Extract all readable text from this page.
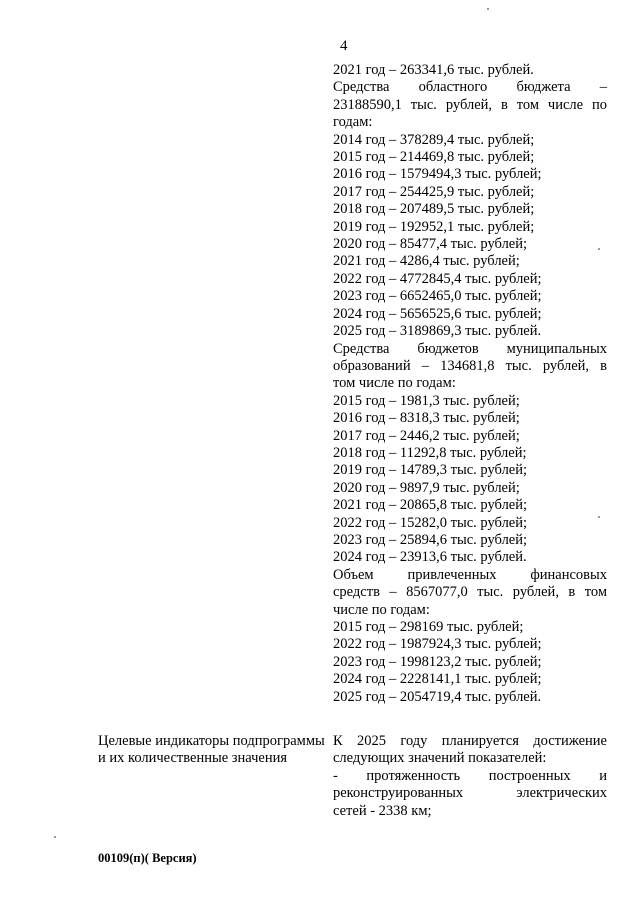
4
2021 год – 263341,6 тыс. рублей.
Средства областного бюджета –
23188590,1 тыс. рублей, в том числе по
годам:
2014 год – 378289,4 тыс. рублей;
2015 год – 214469,8 тыс. рублей;
2016 год – 1579494,3 тыс. рублей;
2017 год – 254425,9 тыс. рублей;
2018 год – 207489,5 тыс. рублей;
2019 год – 192952,1 тыс. рублей;
2020 год – 85477,4 тыс. рублей;
2021 год – 4286,4 тыс. рублей;
2022 год – 4772845,4 тыс. рублей;
2023 год – 6652465,0 тыс. рублей;
2024 год – 5656525,6 тыс. рублей;
2025 год – 3189869,3 тыс. рублей.
Средства бюджетов муниципальных
образований – 134681,8 тыс. рублей, в
том числе по годам:
2015 год – 1981,3 тыс. рублей;
2016 год – 8318,3 тыс. рублей;
2017 год – 2446,2 тыс. рублей;
2018 год – 11292,8 тыс. рублей;
2019 год – 14789,3 тыс. рублей;
2020 год – 9897,9 тыс. рублей;
2021 год – 20865,8 тыс. рублей;
2022 год – 15282,0 тыс. рублей;
2023 год – 25894,6 тыс. рублей;
2024 год – 23913,6 тыс. рублей.
Объем привлеченных финансовых
средств – 8567077,0 тыс. рублей, в том
числе по годам:
2015 год – 298169 тыс. рублей;
2022 год – 1987924,3 тыс. рублей;
2023 год – 1998123,2 тыс. рублей;
2024 год – 2228141,1 тыс. рублей;
2025 год – 2054719,4 тыс. рублей.
Целевые индикаторы подпрограммы и их количественные значения
К 2025 году планируется достижение
следующих значений показателей:
- протяженность построенных и
реконструированных электрических
сетей - 2338 км;
00109(п)( Версия)
